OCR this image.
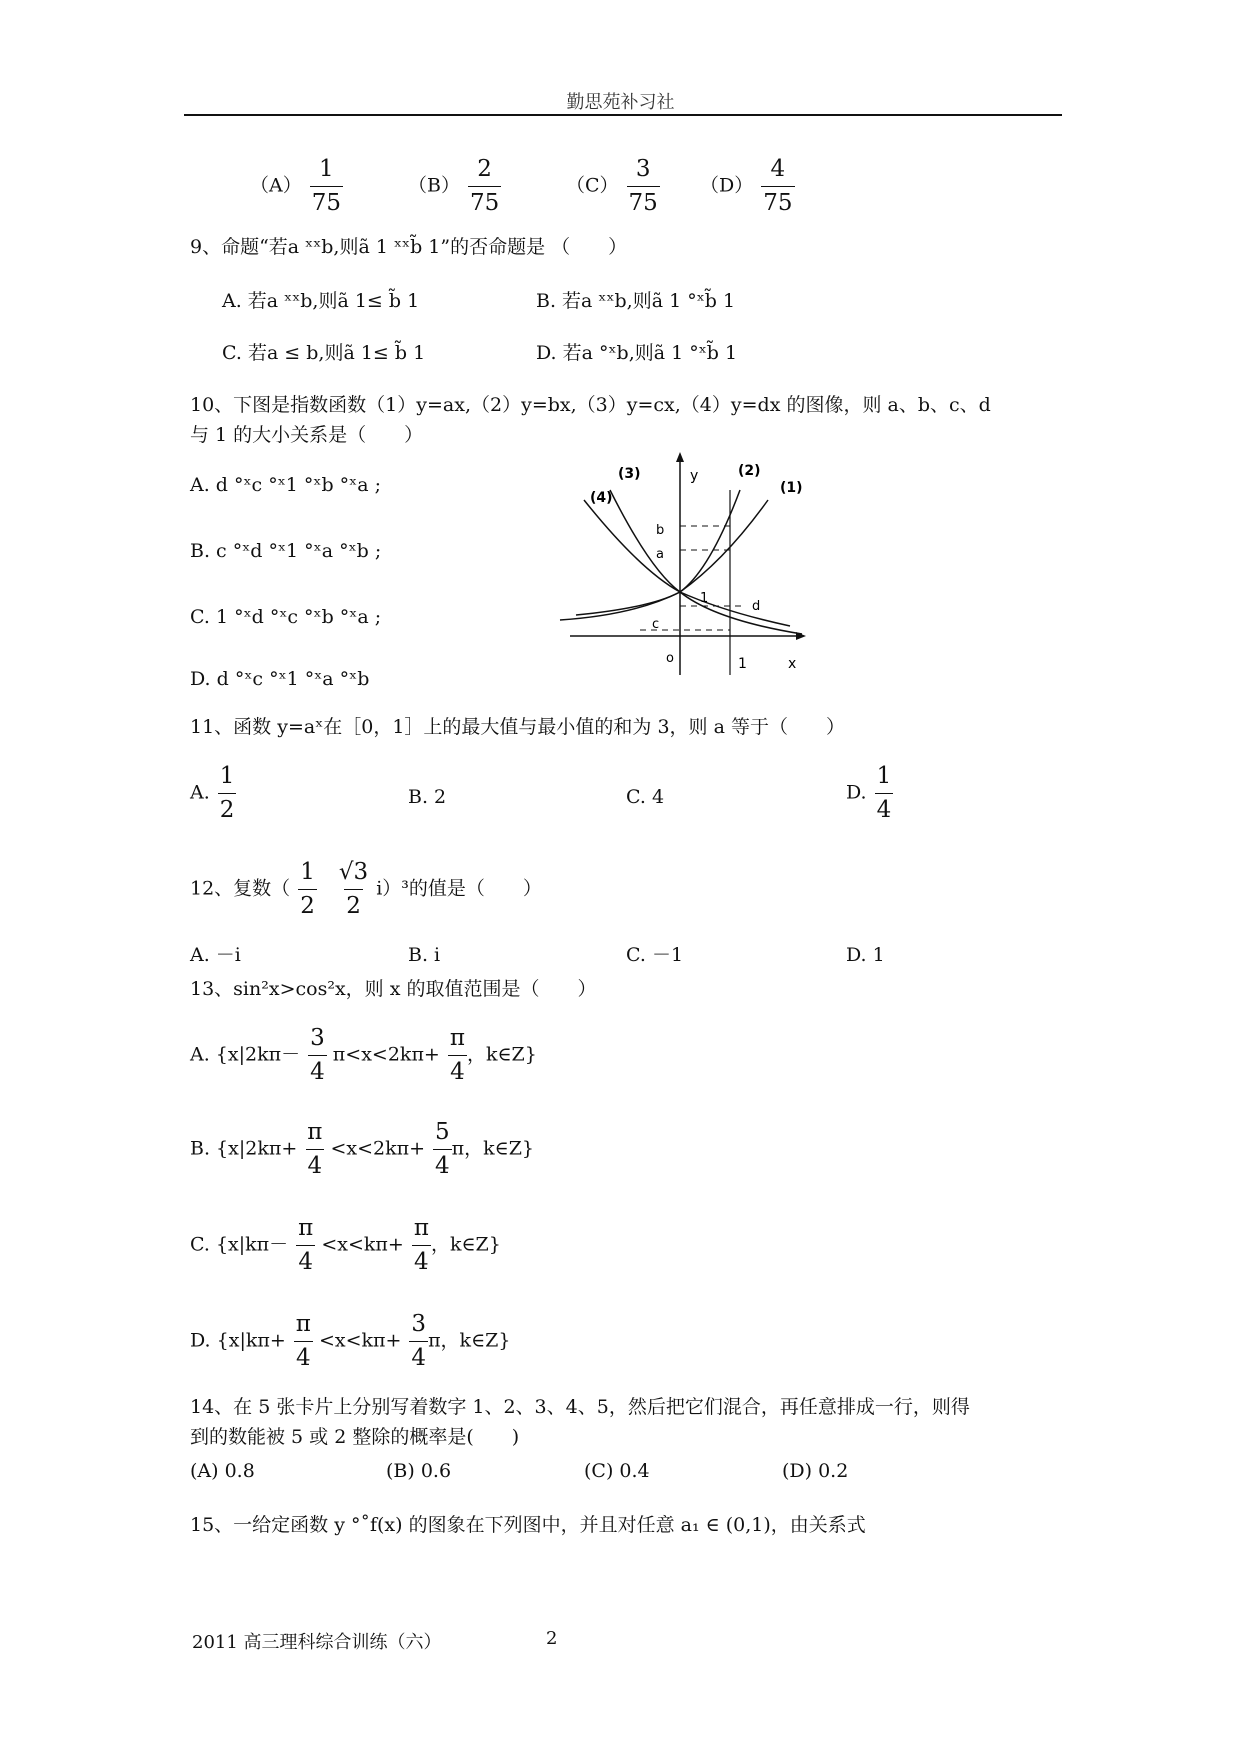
勤思苑补习社
$(A) \frac{1}{75}$	$(B) \frac{2}{75}$	$(C) \frac{3}{75} (D) \frac{4}{75}$
9、命题“若a ˣˣb,则ã 1 ˣˣb̃ 1”的否命题是 （　　）
A. 若a ˣˣb,则ã 1≤ b̃ 1	B. 若a ˣˣb,则ã 1 °ˣb̃ 1
C. 若a ≤ b,则ã 1≤ b̃ 1	D. 若a °ˣb,则ã 1 °ˣb̃ 1
10、下图是指数函数（1）y=ax,（2）y=bx,（3）y=cx,（4）y=dx 的图像，则 a、b、c、d
与 1 的大小关系是（　　）
A. d °ˣc °ˣ1 °ˣb °ˣa ;
B. c °ˣd °ˣ1 °ˣa °ˣb ;
C. 1 °ˣd °ˣc °ˣb °ˣa ;
D. d °ˣc °ˣ1 °ˣa °ˣb
(4)
(3)	(2)
(1)
y
x
o	1
b
a
c
d
1
11、函数 y=aˣ在［0，1］上的最大值与最小值的和为 3，则 a 等于（　　）
A. $\frac{1}{2}$	B. 2	C. 4	D. $\frac{1}{4}$
12、复数（ $\frac{1}{2}$
$\frac{√3}{2} i)^3$的值是（　　）
A. －i	B. i	C. －1	D. 1
13、sin²x>cos²x，则 x 的取值范围是（　　）
A. {$x|2k\pi- \frac{3}{4} \pi<x<2k\pi+ \frac{\pi}{4}$ ，k∈Z}
B. {$x|2k\pi+ \frac{\pi}{4} <x<2k\pi+ \frac{5}{4}$ π，k∈Z}
C. {$x|k\pi- \frac{\pi}{4} <x<k\pi+ \frac{\pi}{4}$ ，k∈Z}
D. {$x|k\pi+ \frac{\pi}{4} <x<k\pi+ \frac{3}{4}$ π，k∈Z}
14、在 5 张卡片上分别写着数字 1、2、3、4、5，然后把它们混合，再任意排成一行，则得
到的数能被 5 或 2 整除的概率是(　　)
(A) 0.8	(B) 0.6	(C) 0.4	(D) 0.2
15、一给定函数 y °˚f(x) 的图象在下列图中，并且对任意 a₁ ∈ (0,1)，由关系式
2011 高三理科综合训练（六）	2
